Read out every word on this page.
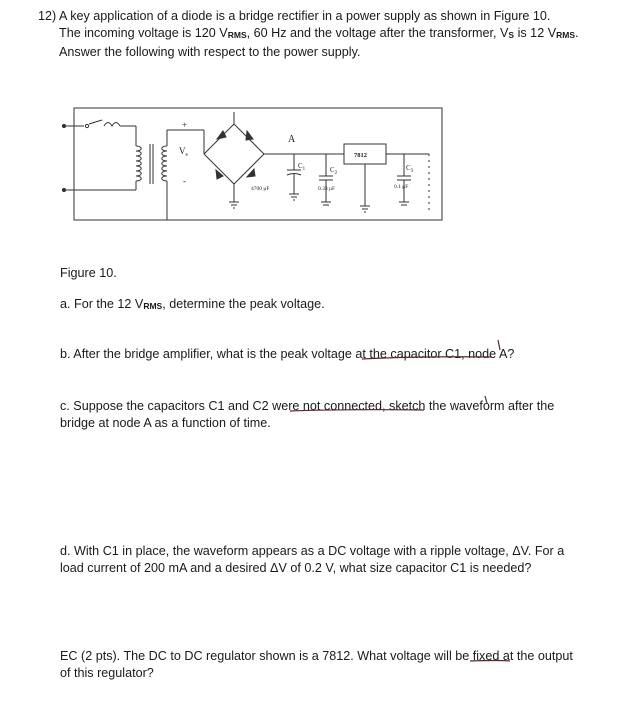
12) A key application of a diode is a bridge rectifier in a power supply as shown in Figure 10.
The incoming voltage is 120 VRMS, 60 Hz and the voltage after the transformer, VS is 12 VRMS.
Answer the following with respect to the power supply.
$V_s$
+
-
A
7812
$C_1$	$C_2$
$C_3$
4700 μF	0.33 μF	0.1 μF
Figure 10.
a. For the 12 VRMS, determine the peak voltage.
b. After the bridge amplifier, what is the peak voltage at the capacitor C1, node A?
c. Suppose the capacitors C1 and C2 were not connected, sketch the waveform after the
bridge at node A as a function of time.
d. With C1 in place, the waveform appears as a DC voltage with a ripple voltage, ΔV. For a
load current of 200 mA and a desired ΔV of 0.2 V, what size capacitor C1 is needed?
EC (2 pts). The DC to DC regulator shown is a 7812. What voltage will be fixed at the output
of this regulator?
